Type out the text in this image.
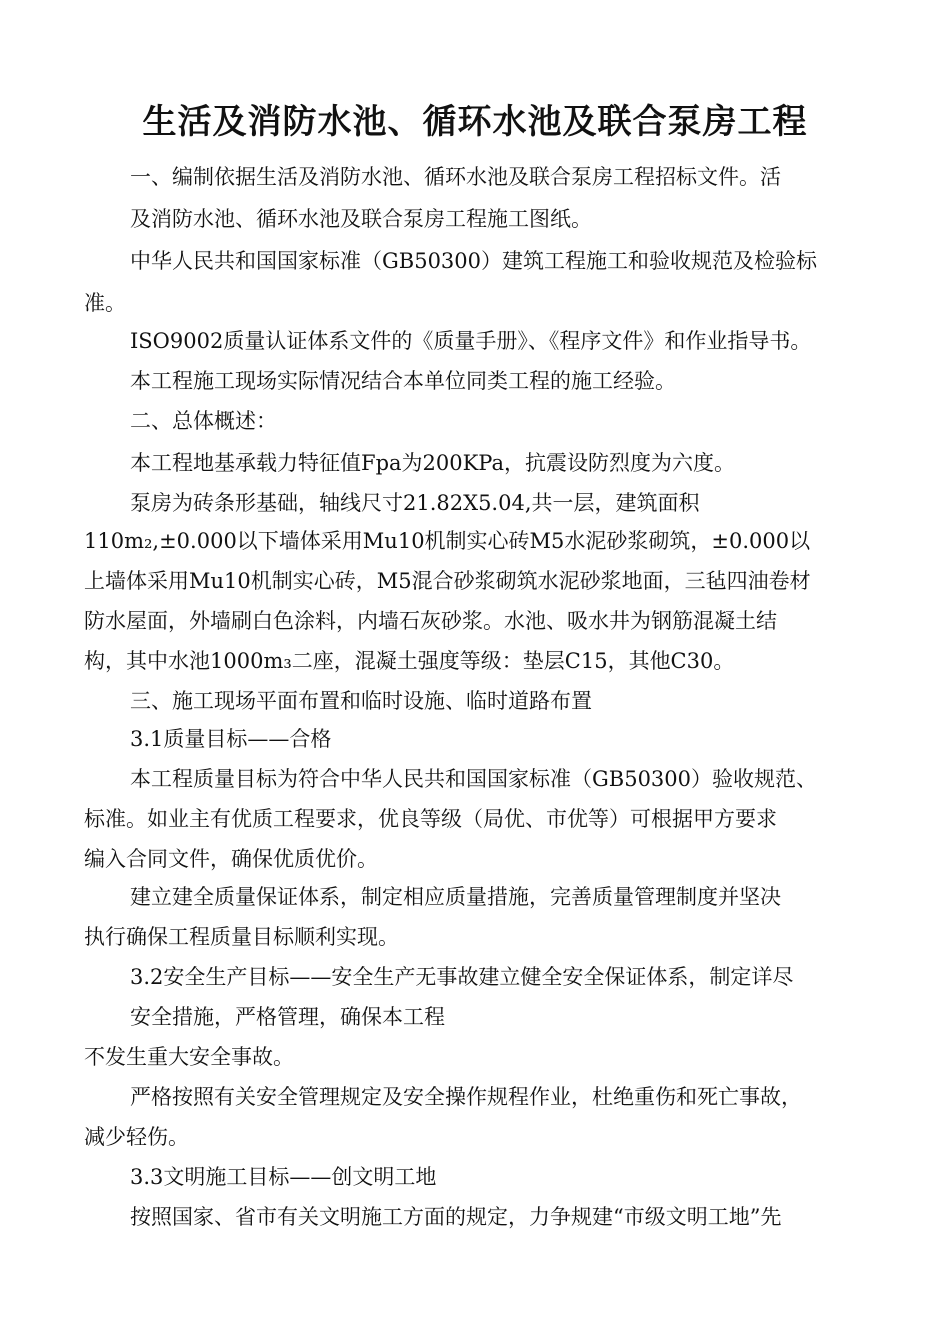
生活及消防水池、循环水池及联合泵房工程

一、编制依据生活及消防水池、循环水池及联合泵房工程招标文件。活

及消防水池、循环水池及联合泵房工程施工图纸。

中华人民共和国国家标准（GB50300）建筑工程施工和验收规范及检验标

准。

ISO9002质量认证体系文件的《质量手册》、《程序文件》和作业指导书。

本工程施工现场实际情况结合本单位同类工程的施工经验。

二、总体概述：

本工程地基承载力特征值Fpa为200KPa，抗震设防烈度为六度。

泵房为砖条形基础，轴线尺寸21.82X5.04,共一层，建筑面积

110m₂,±0.000以下墙体采用Mu10机制实心砖M5水泥砂浆砌筑，±0.000以

上墙体采用Mu10机制实心砖，M5混合砂浆砌筑水泥砂浆地面，三毡四油卷材

防水屋面，外墙刷白色涂料，内墙石灰砂浆。水池、吸水井为钢筋混凝土结

构，其中水池1000m₃二座，混凝土强度等级：垫层C15，其他C30。

三、施工现场平面布置和临时设施、临时道路布置

3.1质量目标——合格

本工程质量目标为符合中华人民共和国国家标准（GB50300）验收规范、

标准。如业主有优质工程要求，优良等级（局优、市优等）可根据甲方要求

编入合同文件，确保优质优价。

建立建全质量保证体系，制定相应质量措施，完善质量管理制度并坚决

执行确保工程质量目标顺利实现。

3.2安全生产目标——安全生产无事故建立健全安全保证体系，制定详尽

安全措施，严格管理，确保本工程

不发生重大安全事故。

严格按照有关安全管理规定及安全操作规程作业，杜绝重伤和死亡事故，

减少轻伤。

3.3文明施工目标——创文明工地

按照国家、省市有关文明施工方面的规定，力争规建“市级文明工地”先
